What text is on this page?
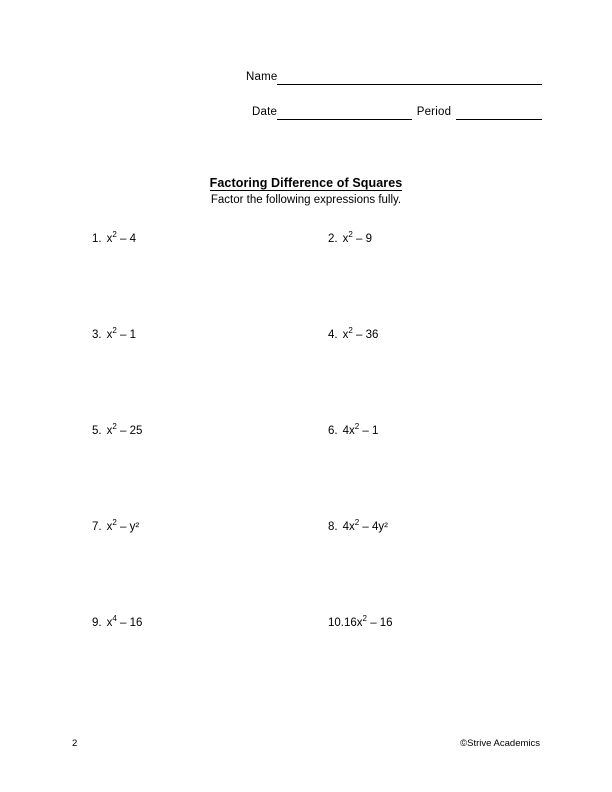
Name
Date	Period
Factoring Difference of Squares
Factor the following expressions fully.
1. $x^2 - 4$	2. $x^2 - 9$
3. $x^2 - 1$	4. $x^2 - 36$
5. $x^2 - 25$	6. $4x^2 - 1$
7. $x^2 - y^2$	8. $4x^2 - 4y^2$
9. $x^4 - 16$	$10.16x^2 - 16$
2	©Strive Academics
